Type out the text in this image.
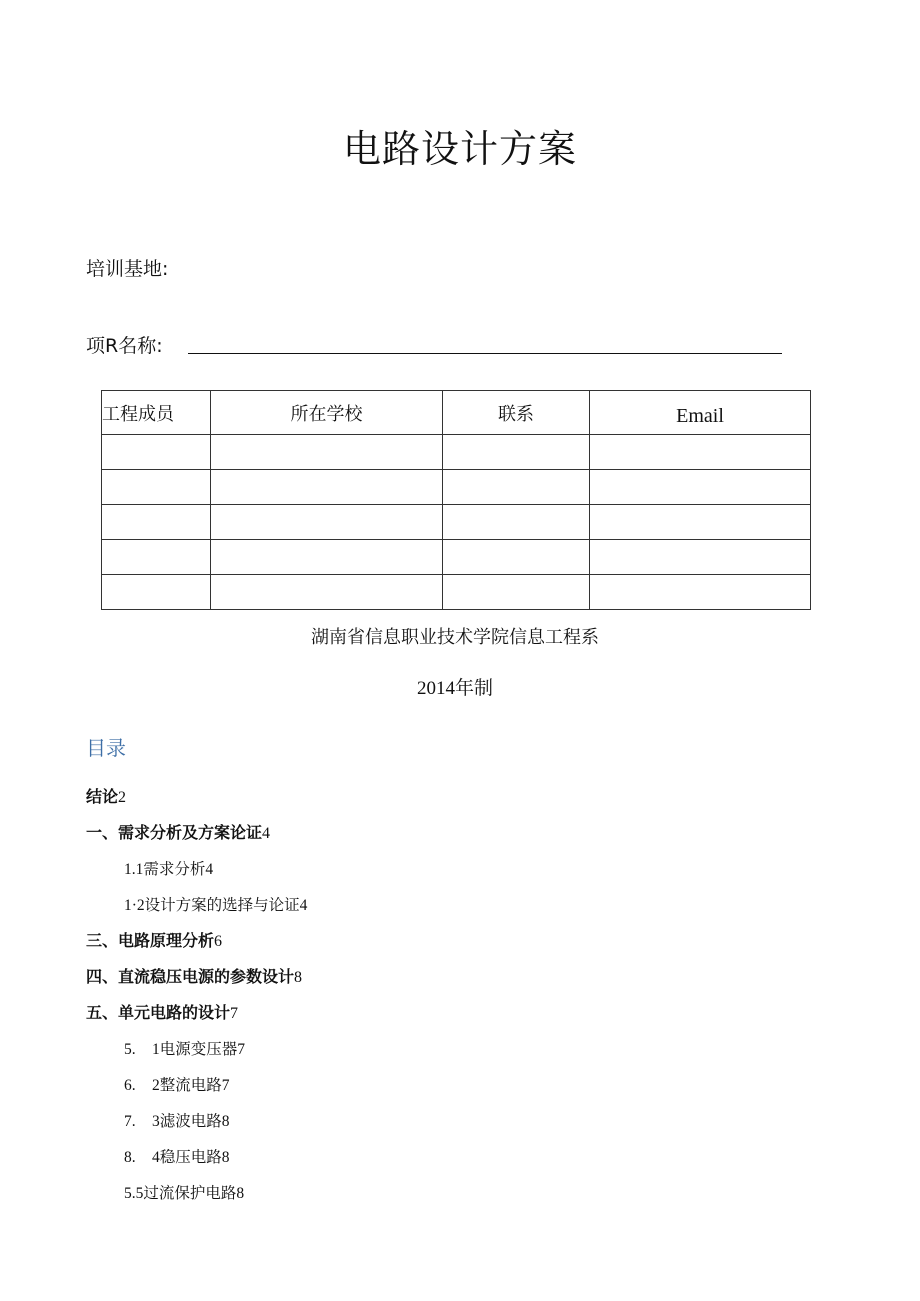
电路设计方案
培训基地:
项R名称:
工程成员	所在学校	联系	Email

湖南省信息职业技术学院信息工程系
2014年制
目录
结论2
一、需求分析及方案论证4
1.1需求分析4
1·2设计方案的选择与论证4
三、电路原理分析6
四、直流稳压电源的参数设计8
五、单元电路的设计7
5. 1电源变压器7
6. 2整流电路7
7. 3滤波电路8
8. 4稳压电路8
5.5过流保护电路8
